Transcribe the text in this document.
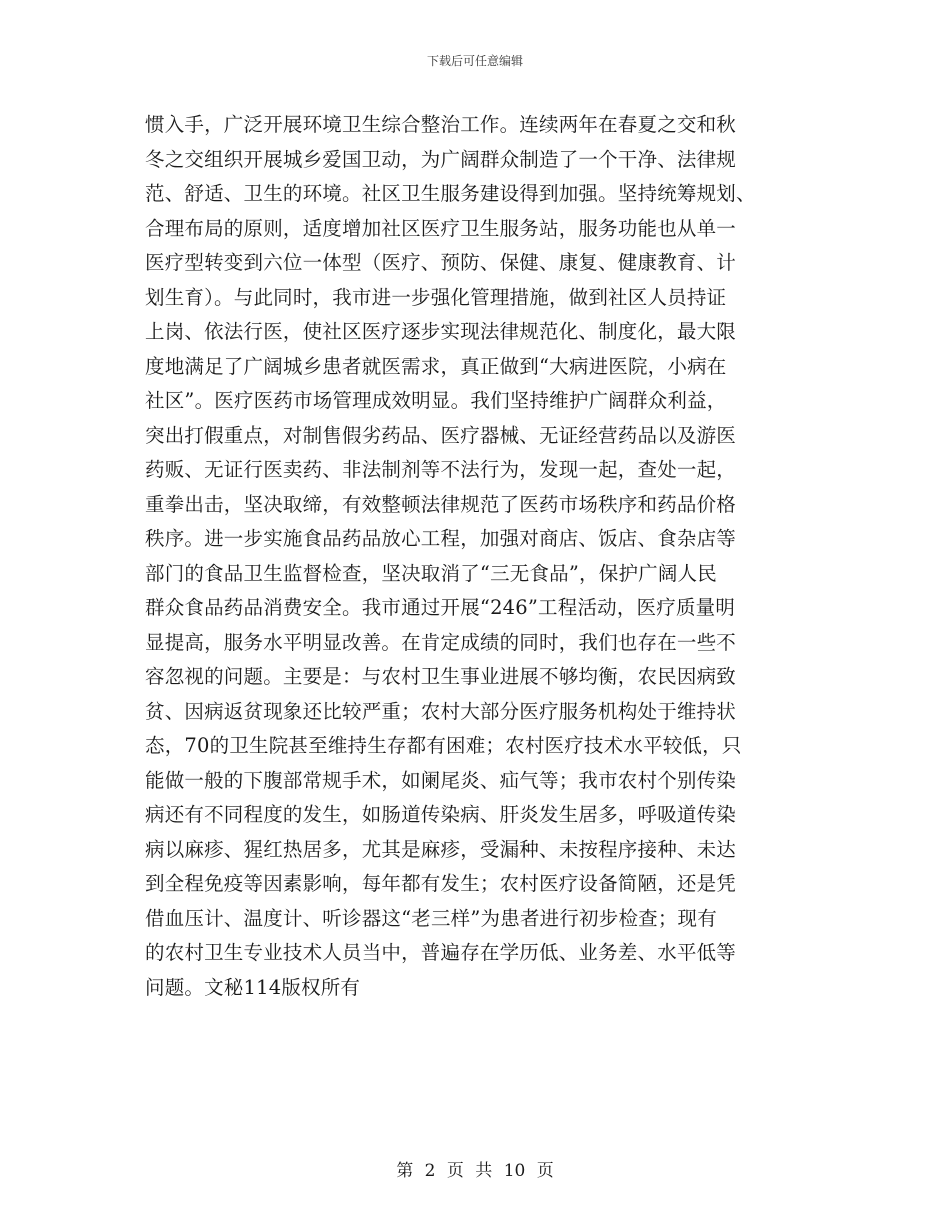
下载后可任意编辑
惯入手，广泛开展环境卫生综合整治工作。连续两年在春夏之交和秋
冬之交组织开展城乡爱国卫动，为广阔群众制造了一个干净、法律规
范、舒适、卫生的环境。社区卫生服务建设得到加强。坚持统筹规划、
合理布局的原则，适度增加社区医疗卫生服务站，服务功能也从单一
医疗型转变到六位一体型（医疗、预防、保健、康复、健康教育、计
划生育）。与此同时，我市进一步强化管理措施，做到社区人员持证
上岗、依法行医，使社区医疗逐步实现法律规范化、制度化，最大限
度地满足了广阔城乡患者就医需求，真正做到“大病进医院，小病在
社区”。医疗医药市场管理成效明显。我们坚持维护广阔群众利益，
突出打假重点，对制售假劣药品、医疗器械、无证经营药品以及游医
药贩、无证行医卖药、非法制剂等不法行为，发现一起，查处一起，
重拳出击，坚决取缔，有效整顿法律规范了医药市场秩序和药品价格
秩序。进一步实施食品药品放心工程，加强对商店、饭店、食杂店等
部门的食品卫生监督检查，坚决取消了“三无食品”，保护广阔人民
群众食品药品消费安全。我市通过开展“246”工程活动，医疗质量明
显提高，服务水平明显改善。在肯定成绩的同时，我们也存在一些不
容忽视的问题。主要是：与农村卫生事业进展不够均衡，农民因病致
贫、因病返贫现象还比较严重；农村大部分医疗服务机构处于维持状
态，70的卫生院甚至维持生存都有困难；农村医疗技术水平较低，只
能做一般的下腹部常规手术，如阑尾炎、疝气等；我市农村个别传染
病还有不同程度的发生，如肠道传染病、肝炎发生居多，呼吸道传染
病以麻疹、猩红热居多，尤其是麻疹，受漏种、未按程序接种、未达
到全程免疫等因素影响，每年都有发生；农村医疗设备简陋，还是凭
借血压计、温度计、听诊器这“老三样”为患者进行初步检查；现有
的农村卫生专业技术人员当中，普遍存在学历低、业务差、水平低等
问题。文秘114版权所有
第 2 页 共 10 页
